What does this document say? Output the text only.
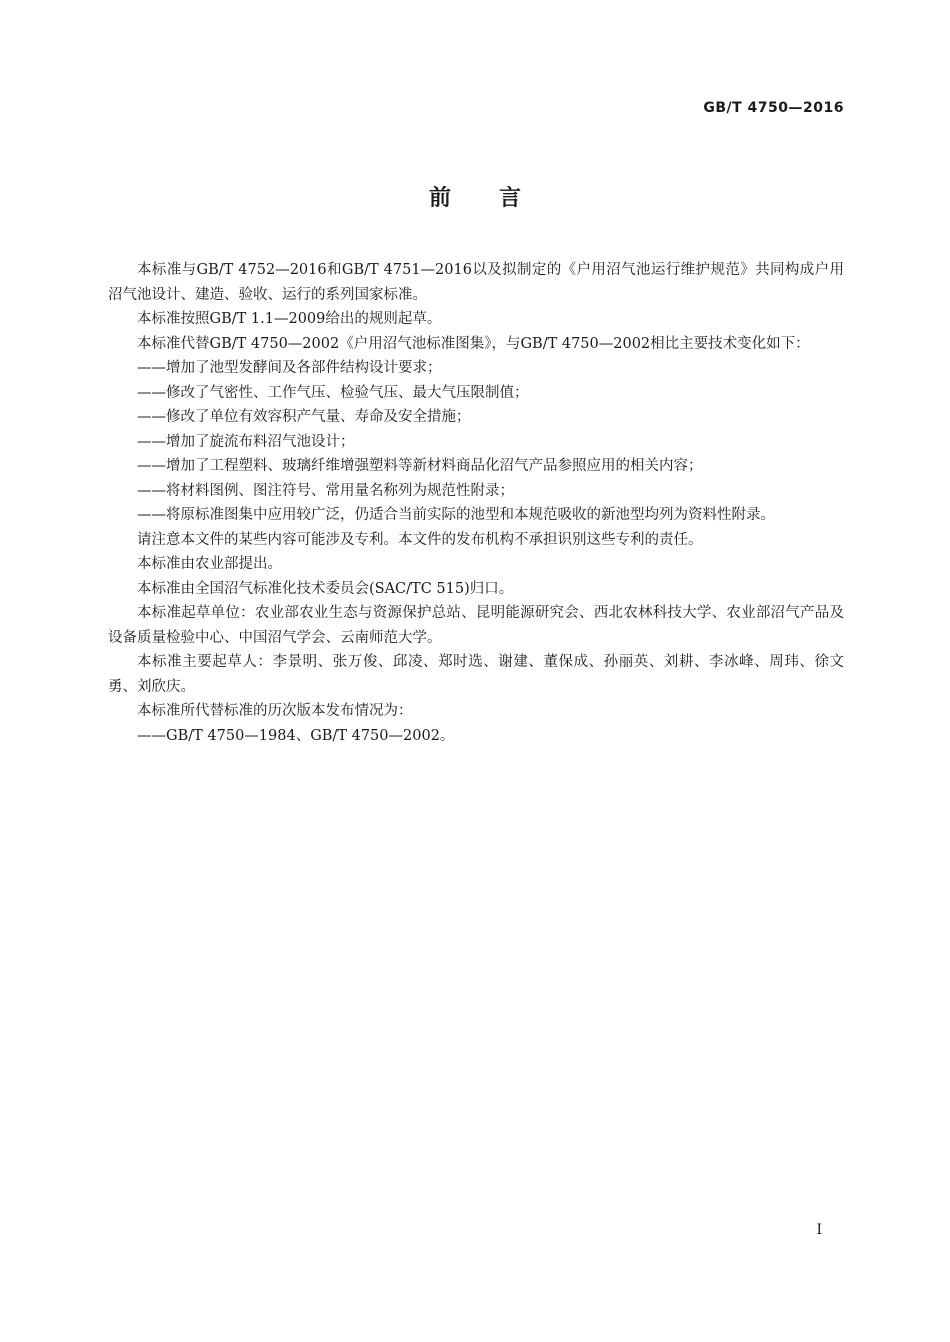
GB/T 4750—2016
前言

本标准与GB/T 4752—2016和GB/T 4751—2016以及拟制定的《户用沼气池运行维护规范》共同构成户用沼气池设计、建造、验收、运行的系列国家标准。

本标准按照GB/T 1.1—2009给出的规则起草。

本标准代替GB/T 4750—2002《户用沼气池标准图集》，与GB/T 4750—2002相比主要技术变化如下：

——增加了池型发酵间及各部件结构设计要求；

——修改了气密性、工作气压、检验气压、最大气压限制值；

——修改了单位有效容积产气量、寿命及安全措施；

——增加了旋流布料沼气池设计；

——增加了工程塑料、玻璃纤维增强塑料等新材料商品化沼气产品参照应用的相关内容；

——将材料图例、图注符号、常用量名称列为规范性附录；

——将原标准图集中应用较广泛，仍适合当前实际的池型和本规范吸收的新池型均列为资料性附录。

请注意本文件的某些内容可能涉及专利。本文件的发布机构不承担识别这些专利的责任。

本标准由农业部提出。

本标准由全国沼气标准化技术委员会(SAC/TC 515)归口。

本标准起草单位：农业部农业生态与资源保护总站、昆明能源研究会、西北农林科技大学、农业部沼气产品及设备质量检验中心、中国沼气学会、云南师范大学。

本标准主要起草人：李景明、张万俊、邱凌、郑时选、谢建、董保成、孙丽英、刘耕、李冰峰、周玮、徐文勇、刘欣庆。

本标准所代替标准的历次版本发布情况为：

——GB/T 4750—1984、GB/T 4750—2002。

I
